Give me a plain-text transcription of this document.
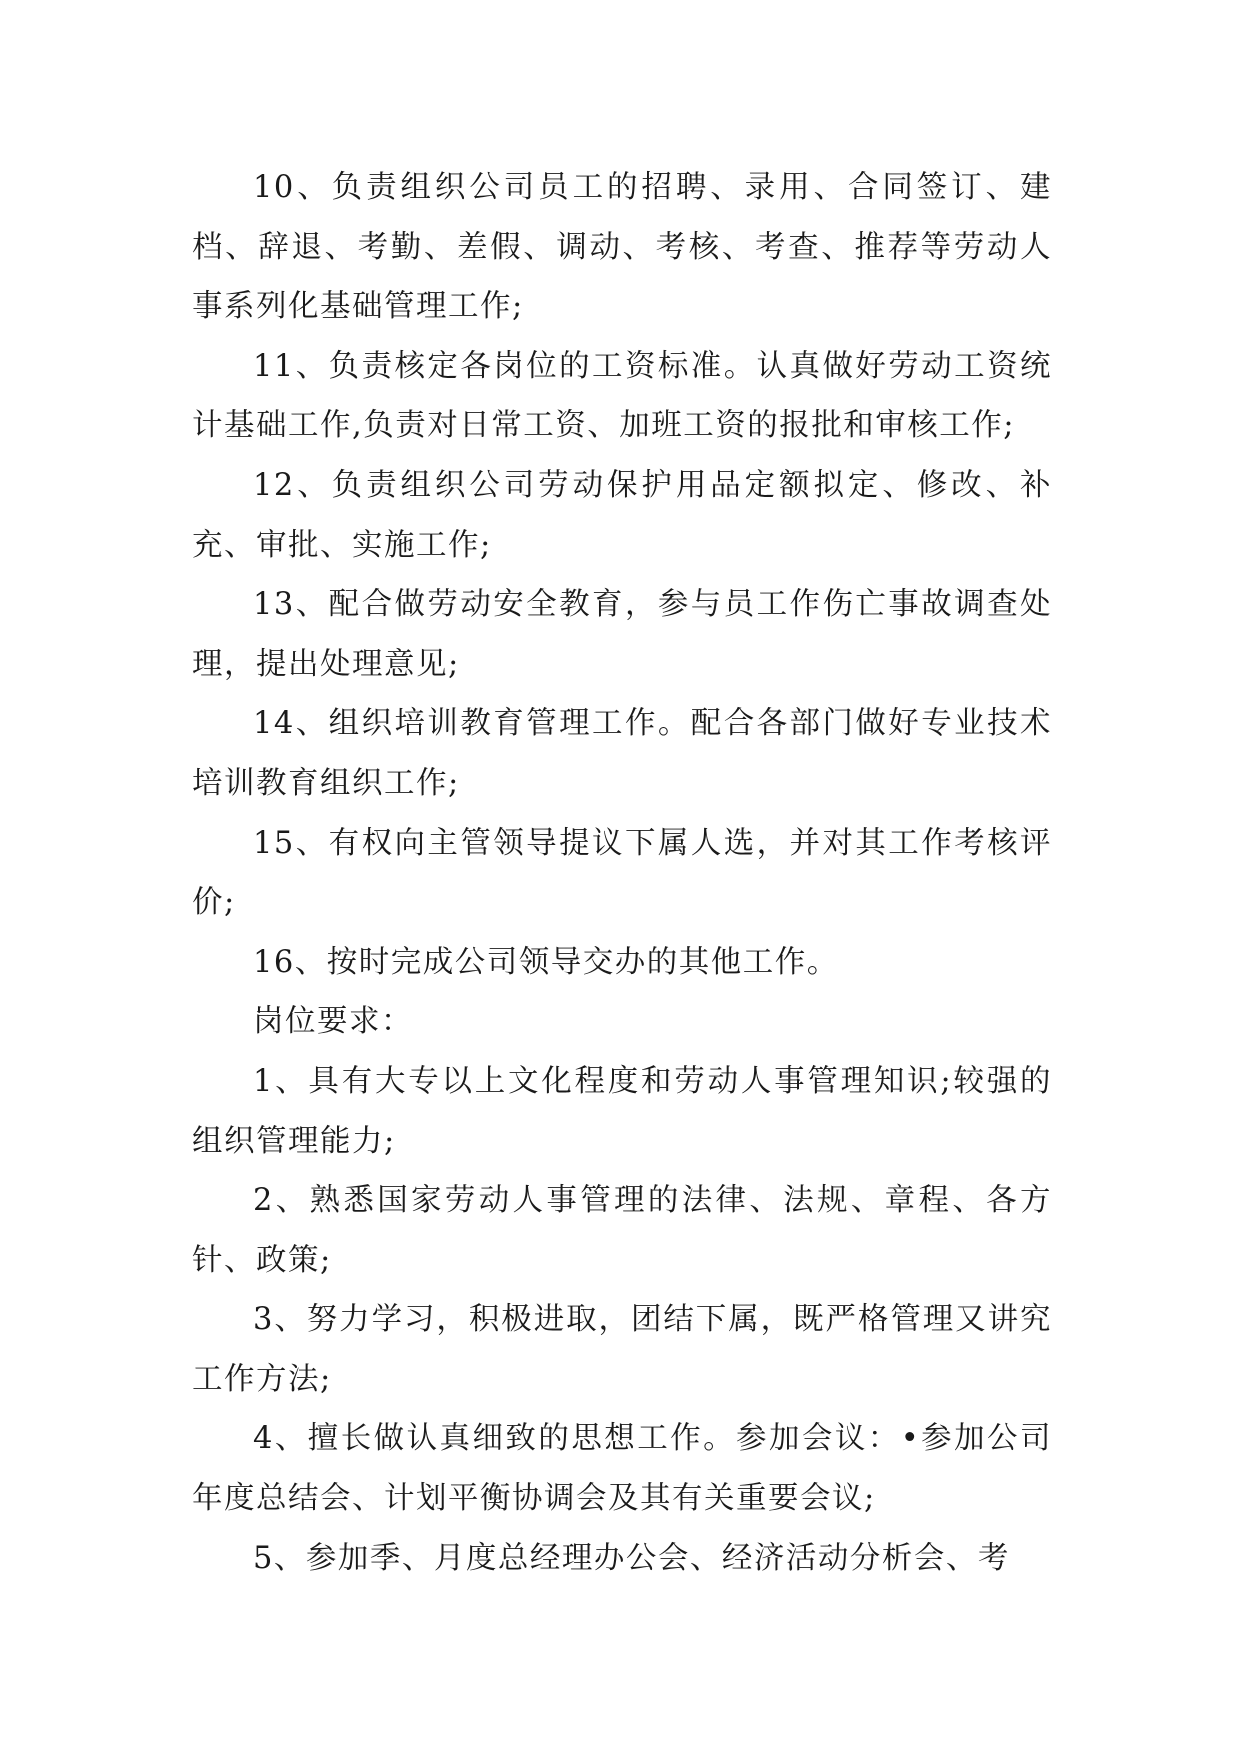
10、负责组织公司员工的招聘、录用、合同签订、建档、辞退、考勤、差假、调动、考核、考查、推荐等劳动人事系列化基础管理工作;

11、负责核定各岗位的工资标准。认真做好劳动工资统计基础工作,负责对日常工资、加班工资的报批和审核工作;

12、负责组织公司劳动保护用品定额拟定、修改、补充、审批、实施工作;

13、配合做劳动安全教育，参与员工作伤亡事故调查处理，提出处理意见;

14、组织培训教育管理工作。配合各部门做好专业技术培训教育组织工作;

15、有权向主管领导提议下属人选，并对其工作考核评价;

16、按时完成公司领导交办的其他工作。

岗位要求：

1、具有大专以上文化程度和劳动人事管理知识;较强的组织管理能力;

2、熟悉国家劳动人事管理的法律、法规、章程、各方针、政策;

3、努力学习，积极进取，团结下属，既严格管理又讲究工作方法;

4、擅长做认真细致的思想工作。参加会议：•参加公司年度总结会、计划平衡协调会及其有关重要会议;

5、参加季、月度总经理办公会、经济活动分析会、考
